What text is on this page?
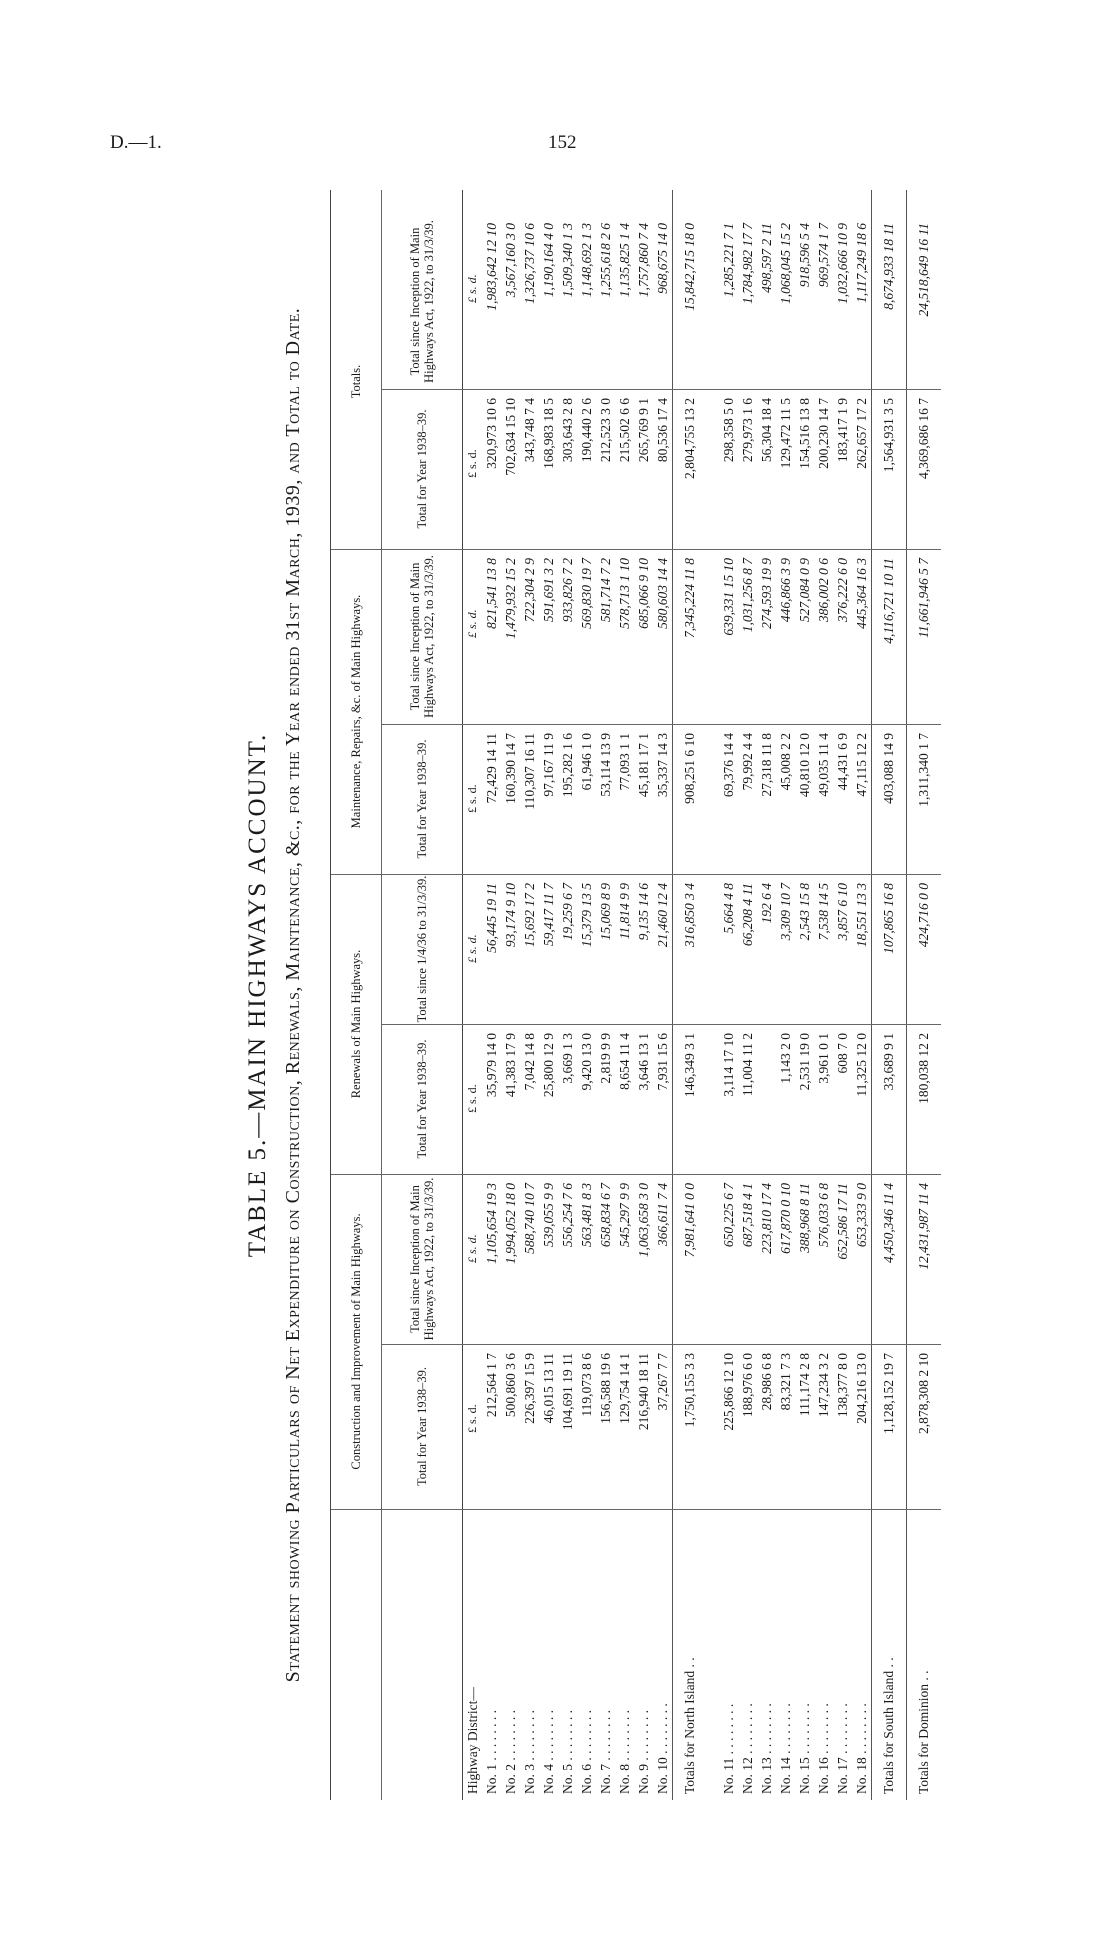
D.—1.	152
TABLE 5.—MAIN HIGHWAYS ACCOUNT. Statement showing Particulars of Net Expenditure on Construction, Renewals, Maintenance, &c., for the Year ended 31st March, 1939, and Total to Date.	Construction and Improvement of Main Highways.
Renewals of Main Highways.
Maintenance, Repairs, &c. of Main Highways.
Totals.
Total for Year 1938–39.
Total since Inception of Main Highways Act, 1922, to 31/3/39.
Total for Year 1938–39.
Total since 1/4/36 to 31/3/39.
Total for Year 1938–39.
Total since Inception of Main Highways Act, 1922, to 31/3/39.
Total for Year 1938–39.
Total since Inception of Main Highways Act, 1922, to 31/3/39.
Highway District—
£ s. d.
£ s. d.
£ s. d.
£ s. d.
£ s. d.
£ s. d.
£ s. d.
£ s. d.
No. 1 . . . . . . . .
212,564 1 7
1,105,654 19 3
35,979 14 0
56,445 19 11
72,429 14 11
821,541 13 8
320,973 10 6
1,983,642 12 10
No. 2 . . . . . . . .
500,860 3 6
1,994,052 18 0
41,383 17 9
93,174 9 10
160,390 14 7
1,479,932 15 2
702,634 15 10
3,567,160 3 0
No. 3 . . . . . . . .
226,397 15 9
588,740 10 7
7,042 14 8
15,692 17 2
110,307 16 11
722,304 2 9
343,748 7 4
1,326,737 10 6
No. 4 . . . . . . . .
46,015 13 11
539,055 9 9
25,800 12 9
59,417 11 7
97,167 11 9
591,691 3 2
168,983 18 5
1,190,164 4 0
No. 5 . . . . . . . .
104,691 19 11
556,254 7 6
3,669 1 3
19,259 6 7
195,282 1 6
933,826 7 2
303,643 2 8
1,509,340 1 3
No. 6 . . . . . . . .
119,073 8 6
563,481 8 3
9,420 13 0
15,379 13 5
61,946 1 0
569,830 19 7
190,440 2 6
1,148,692 1 3
No. 7 . . . . . . . .
156,588 19 6
658,834 6 7
2,819 9 9
15,069 8 9
53,114 13 9
581,714 7 2
212,523 3 0
1,255,618 2 6
No. 8 . . . . . . . .
129,754 14 1
545,297 9 9
8,654 11 4
11,814 9 9
77,093 1 1
578,713 1 10
215,502 6 6
1,135,825 1 4
No. 9 . . . . . . . .
216,940 18 11
1,063,658 3 0
3,646 13 1
9,135 14 6
45,181 17 1
685,066 9 10
265,769 9 1
1,757,860 7 4
No. 10 . . . . . . . .
37,267 7 7
366,611 7 4
7,931 15 6
21,460 12 4
35,337 14 3
580,603 14 4
80,536 17 4
968,675 14 0
Totals for North Island . .
1,750,155 3 3
7,981,641 0 0
146,349 3 1
316,850 3 4
908,251 6 10
7,345,224 11 8
2,804,755 13 2
15,842,715 18 0
No. 11 . . . . . . . .
225,866 12 10
650,225 6 7
3,114 17 10
5,664 4 8
69,376 14 4
639,331 15 10
298,358 5 0
1,285,221 7 1
No. 12 . . . . . . . .
188,976 6 0
687,518 4 1
11,004 11 2
66,208 4 11
79,992 4 4
1,031,256 8 7
279,973 1 6
1,784,982 17 7
No. 13 . . . . . . . .
28,986 6 8
223,810 17 4
192 6 4
27,318 11 8
274,593 19 9
56,304 18 4
498,597 2 11
No. 14 . . . . . . . .
83,321 7 3
617,870 0 10
1,143 2 0
3,309 10 7
45,008 2 2
446,866 3 9
129,472 11 5
1,068,045 15 2
No. 15 . . . . . . . .
111,174 2 8
388,968 8 11
2,531 19 0
2,543 15 8
40,810 12 0
527,084 0 9
154,516 13 8
918,596 5 4
No. 16 . . . . . . . .
147,234 3 2
576,033 6 8
3,961 0 1
7,538 14 5
49,035 11 4
386,002 0 6
200,230 14 7
969,574 1 7
No. 17 . . . . . . . .
138,377 8 0
652,586 17 11
608 7 0
3,857 6 10
44,431 6 9
376,222 6 0
183,417 1 9
1,032,666 10 9
No. 18 . . . . . . . .
204,216 13 0
653,333 9 0
11,325 12 0
18,551 13 3
47,115 12 2
445,364 16 3
262,657 17 2
1,117,249 18 6
Totals for South Island . .
1,128,152 19 7
4,450,346 11 4
33,689 9 1
107,865 16 8
403,088 14 9
4,116,721 10 11
1,564,931 3 5
8,674,933 18 11
Totals for Dominion . .
2,878,308 2 10
12,431,987 11 4
180,038 12 2
424,716 0 0
1,311,340 1 7
11,661,946 5 7
4,369,686 16 7
24,518,649 16 11
